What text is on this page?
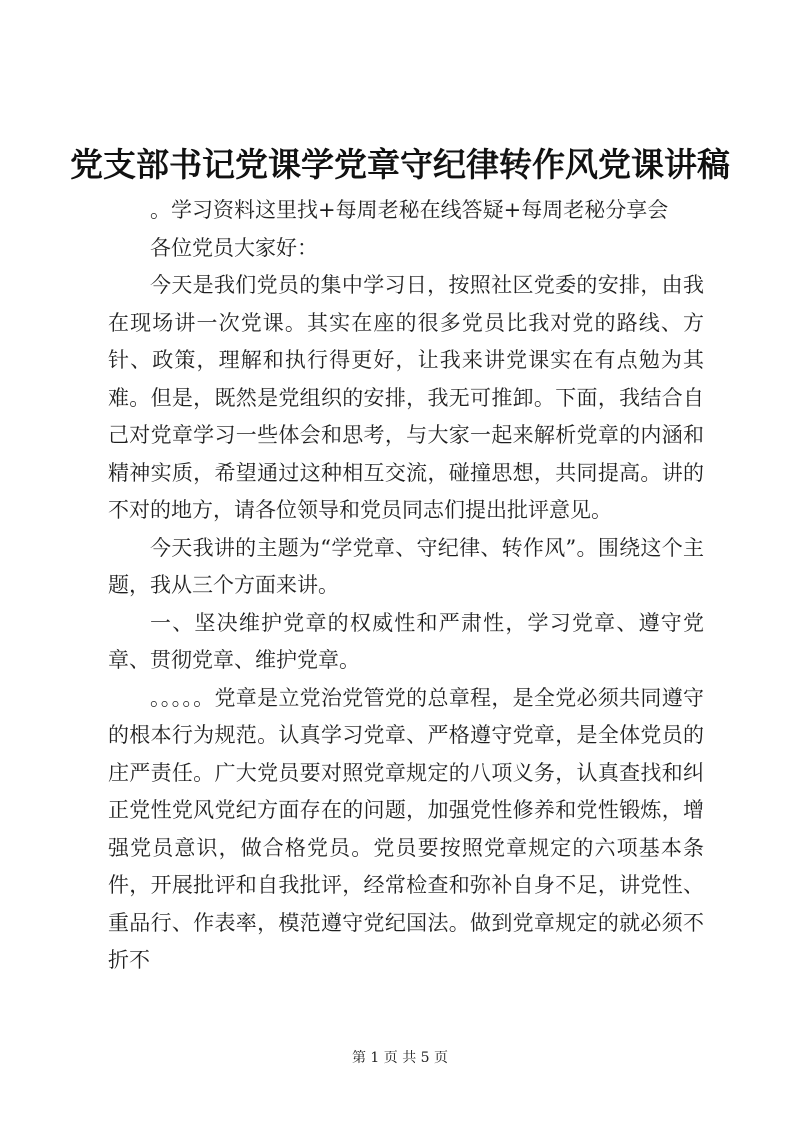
党支部书记党课学党章守纪律转作风党课讲稿

。学习资料这里找+每周老秘在线答疑+每周老秘分享会

各位党员大家好：

今天是我们党员的集中学习日，按照社区党委的安排，由我在现场讲一次党课。其实在座的很多党员比我对党的路线、方针、政策，理解和执行得更好，让我来讲党课实在有点勉为其难。但是，既然是党组织的安排，我无可推卸。下面，我结合自己对党章学习一些体会和思考，与大家一起来解析党章的内涵和精神实质，希望通过这种相互交流，碰撞思想，共同提高。讲的不对的地方，请各位领导和党员同志们提出批评意见。

今天我讲的主题为“学党章、守纪律、转作风”。围绕这个主题，我从三个方面来讲。

一、坚决维护党章的权威性和严肃性，学习党章、遵守党章、贯彻党章、维护党章。

。。。。。党章是立党治党管党的总章程，是全党必须共同遵守的根本行为规范。认真学习党章、严格遵守党章，是全体党员的庄严责任。广大党员要对照党章规定的八项义务，认真查找和纠正党性党风党纪方面存在的问题，加强党性修养和党性锻炼，增强党员意识，做合格党员。党员要按照党章规定的六项基本条件，开展批评和自我批评，经常检查和弥补自身不足，讲党性、重品行、作表率，模范遵守党纪国法。做到党章规定的就必须不折不

第 1 页 共 5 页
